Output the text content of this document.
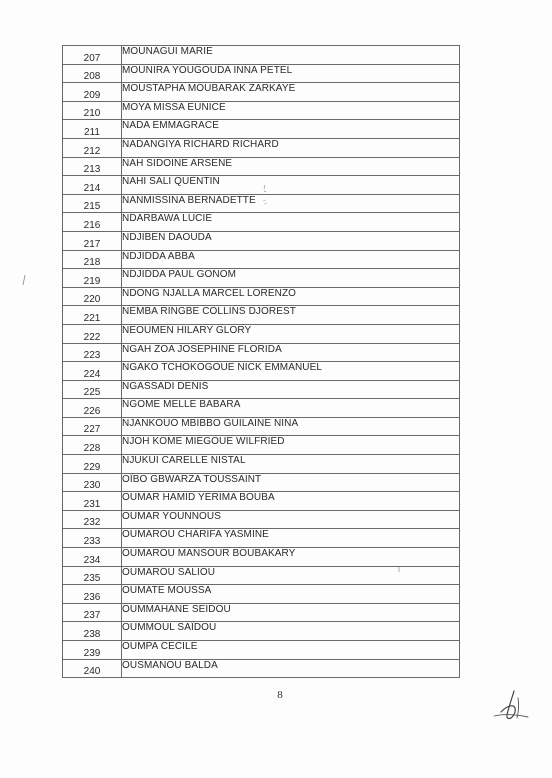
207	MOUNAGUI MARIE
208	MOUNIRA YOUGOUDA INNA PETEL
209	MOUSTAPHA MOUBARAK ZARKAYE
210	MOYA MISSA EUNICE
211	NADA EMMAGRACE
212	NADANGIYA RICHARD RICHARD
213	NAH SIDOINE ARSENE
214	NAHI SALI QUENTIN
215	NANMISSINA BERNADETTE
216	NDARBAWA LUCIE
217	NDJIBEN DAOUDA
218	NDJIDDA ABBA
219	NDJIDDA PAUL GONOM
220	NDONG NJALLA MARCEL LORENZO
221	NEMBA RINGBE COLLINS DJOREST
222	NEOUMEN HILARY GLORY
223	NGAH ZOA JOSEPHINE FLORIDA
224	NGAKO TCHOKOGOUE NICK EMMANUEL
225	NGASSADI DENIS
226	NGOME MELLE BABARA
227	NJANKOUO MBIBBO GUILAINE NINA
228	NJOH KOME MIEGOUE WILFRIED
229	NJUKUI CARELLE NISTAL
230	OÏBO GBWARZA TOUSSAINT
231	OUMAR HAMID YERIMA BOUBA
232	OUMAR YOUNNOUS
233	OUMAROU CHARIFA YASMINE
234	OUMAROU MANSOUR BOUBAKARY
235	OUMAROU SALIOU
236	OUMATE MOUSSA
237	OUMMAHANE SEIDOU
238	OUMMOUL SAÏDOU
239	OUMPA CECILE
240	OUSMANOU BALDA
8
